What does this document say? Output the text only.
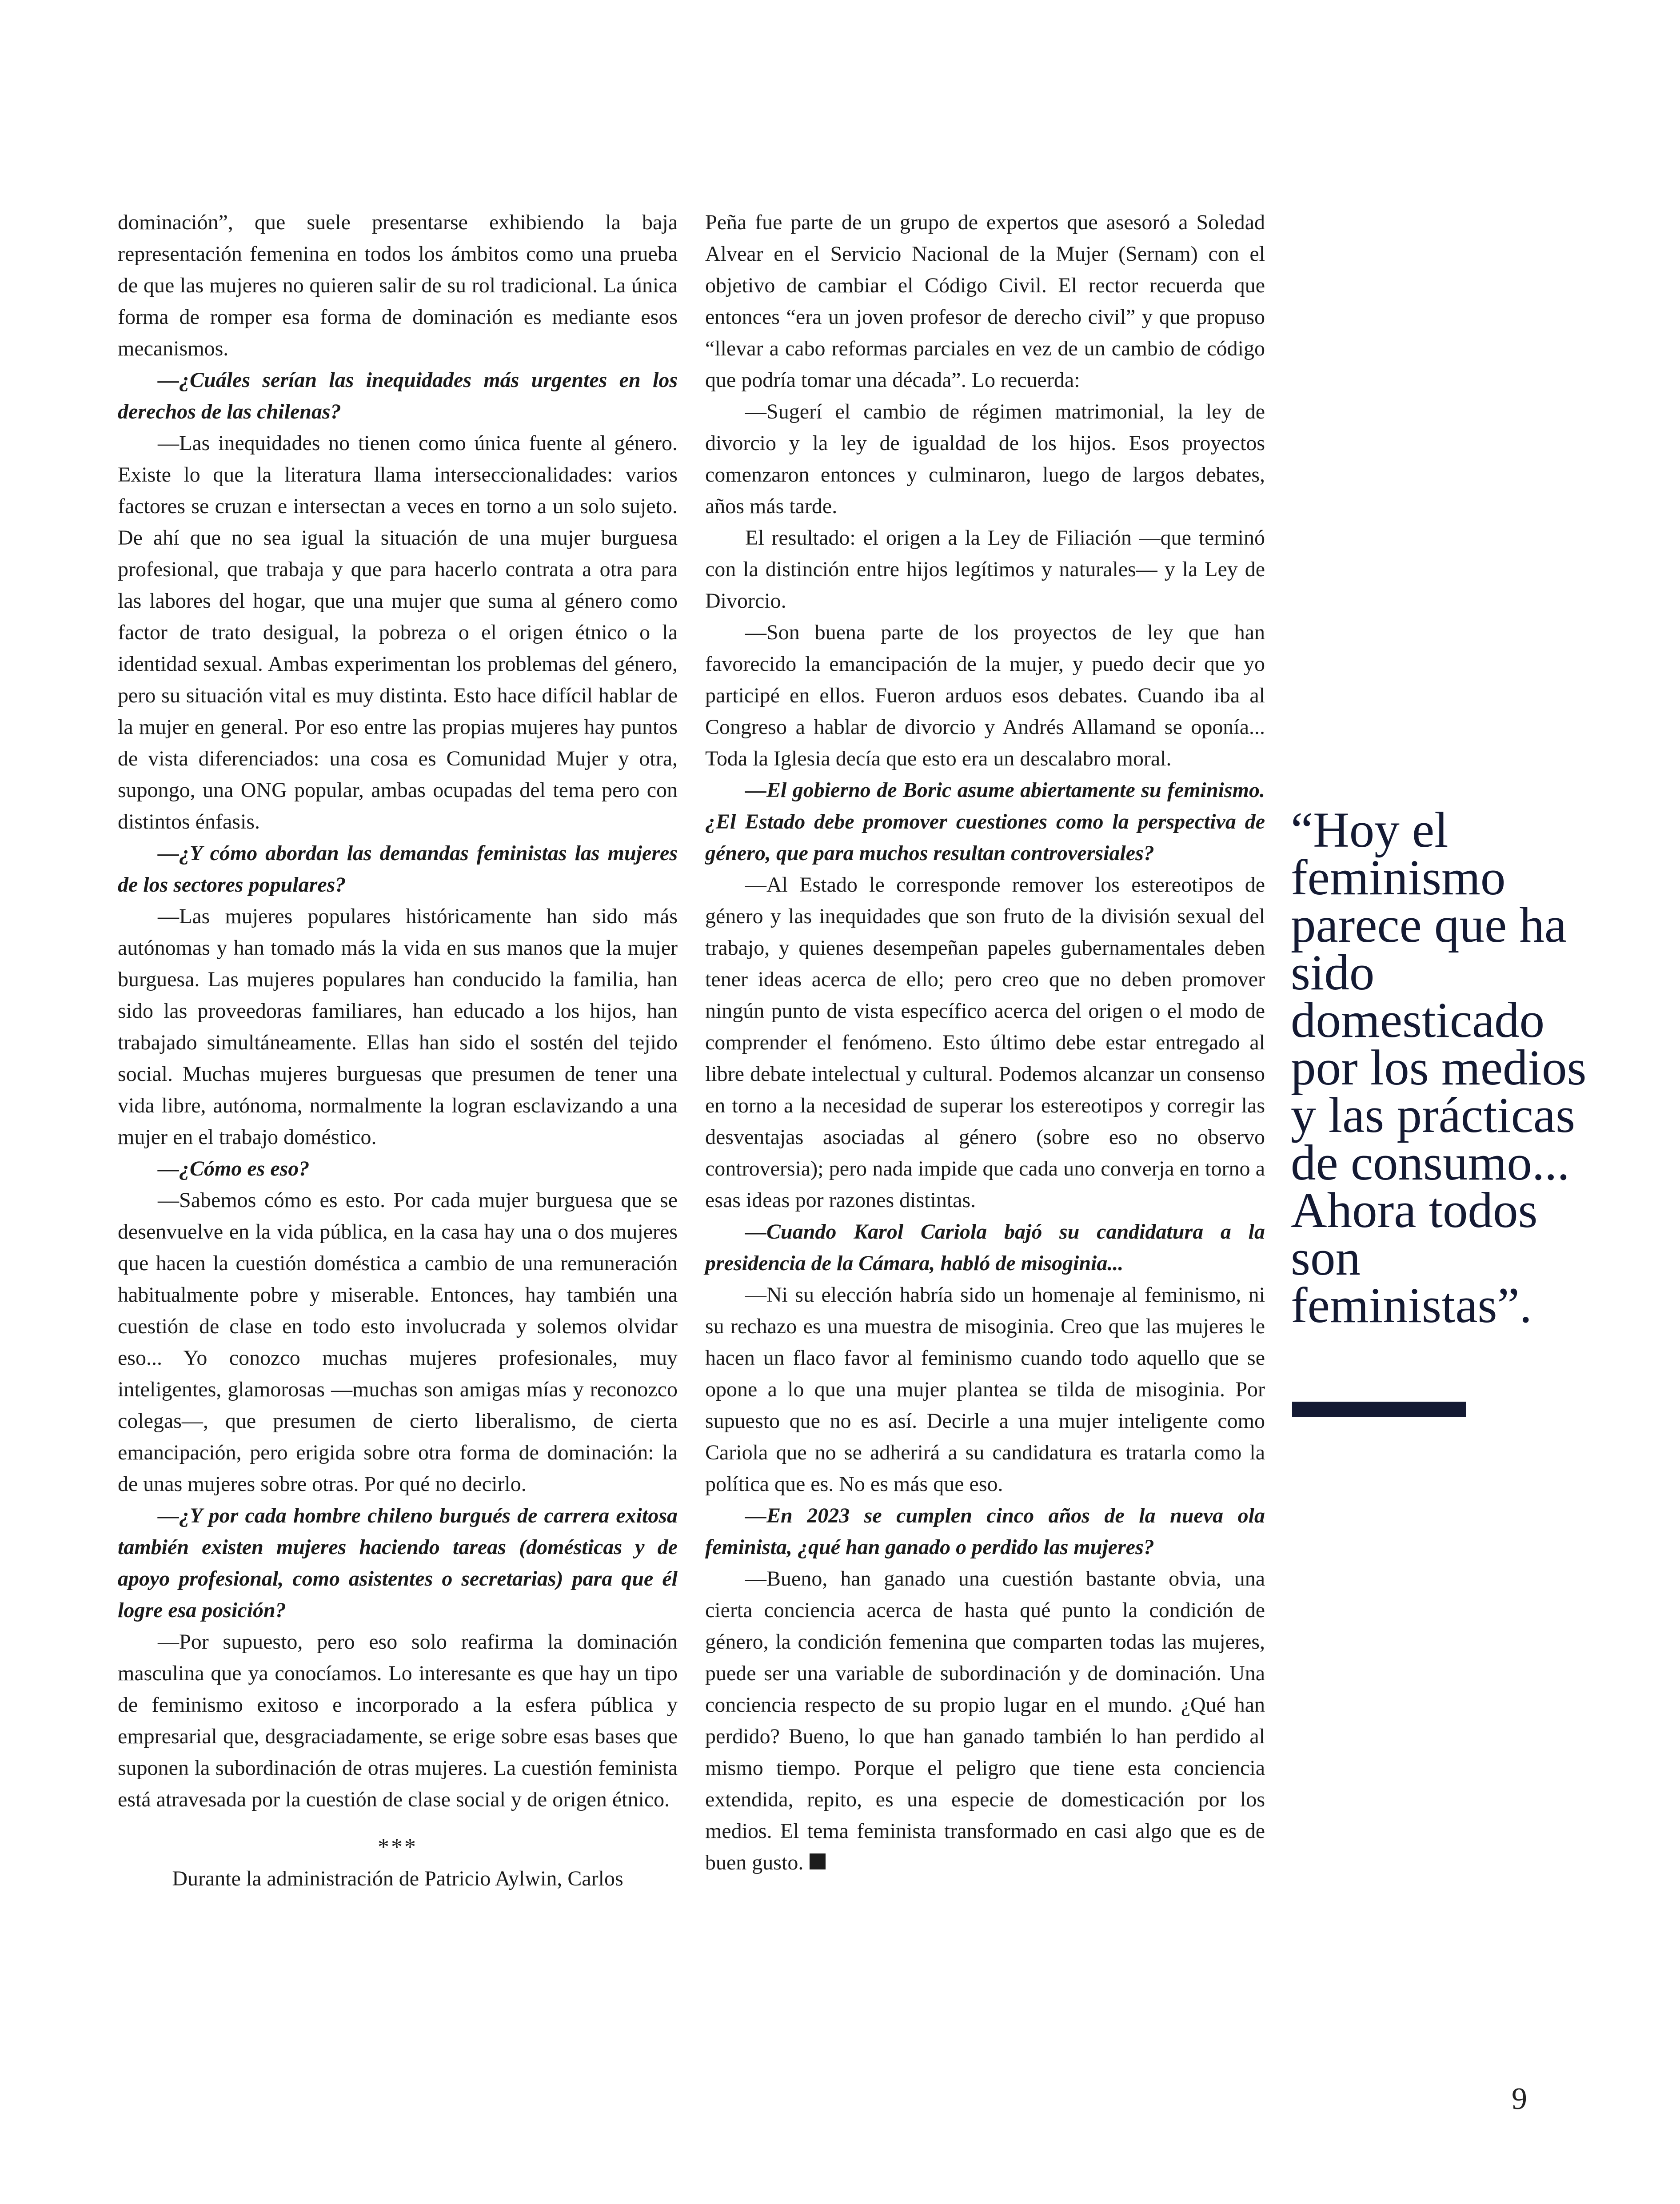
dominación”, que suele presentarse exhibiendo la baja representación femenina en todos los ámbitos como una prueba de que las mujeres no quieren salir de su rol tradicional. La única forma de romper esa forma de dominación es mediante esos mecanismos.

—¿Cuáles serían las inequidades más urgentes en los derechos de las chilenas?

—Las inequidades no tienen como única fuente al género. Existe lo que la literatura llama interseccionalidades: varios factores se cruzan e intersectan a veces en torno a un solo sujeto. De ahí que no sea igual la situación de una mujer burguesa profesional, que trabaja y que para hacerlo contrata a otra para las labores del hogar, que una mujer que suma al género como factor de trato desigual, la pobreza o el origen étnico o la identidad sexual. Ambas experimentan los problemas del género, pero su situación vital es muy distinta. Esto hace difícil hablar de la mujer en general. Por eso entre las propias mujeres hay puntos de vista diferenciados: una cosa es Comunidad Mujer y otra, supongo, una ONG popular, ambas ocupadas del tema pero con distintos énfasis.

—¿Y cómo abordan las demandas feministas las mujeres de los sectores populares?

—Las mujeres populares históricamente han sido más autónomas y han tomado más la vida en sus manos que la mujer burguesa. Las mujeres populares han conducido la familia, han sido las proveedoras familiares, han educado a los hijos, han trabajado simultáneamente. Ellas han sido el sostén del tejido social. Muchas mujeres burguesas que presumen de tener una vida libre, autónoma, normalmente la logran esclavizando a una mujer en el trabajo doméstico.

—¿Cómo es eso?

—Sabemos cómo es esto. Por cada mujer burguesa que se desenvuelve en la vida pública, en la casa hay una o dos mujeres que hacen la cuestión doméstica a cambio de una remuneración habitualmente pobre y miserable. Entonces, hay también una cuestión de clase en todo esto involucrada y solemos olvidar eso... Yo conozco muchas mujeres profesionales, muy inteligentes, glamorosas —muchas son amigas mías y reconozco colegas—, que presumen de cierto liberalismo, de cierta emancipación, pero erigida sobre otra forma de dominación: la de unas mujeres sobre otras. Por qué no decirlo.

—¿Y por cada hombre chileno burgués de carrera exitosa también existen mujeres haciendo tareas (domésticas y de apoyo profesional, como asistentes o secretarias) para que él logre esa posición?

—Por supuesto, pero eso solo reafirma la dominación masculina que ya conocíamos. Lo interesante es que hay un tipo de feminismo exitoso e incorporado a la esfera pública y empresarial que, desgraciadamente, se erige sobre esas bases que suponen la subordinación de otras mujeres. La cuestión feminista está atravesada por la cuestión de clase social y de origen étnico.

***

Durante la administración de Patricio Aylwin, Carlos

Peña fue parte de un grupo de expertos que asesoró a Soledad Alvear en el Servicio Nacional de la Mujer (Sernam) con el objetivo de cambiar el Código Civil. El rector recuerda que entonces “era un joven profesor de derecho civil” y que propuso “llevar a cabo reformas parciales en vez de un cambio de código que podría tomar una década”. Lo recuerda:

—Sugerí el cambio de régimen matrimonial, la ley de divorcio y la ley de igualdad de los hijos. Esos proyectos comenzaron entonces y culminaron, luego de largos debates, años más tarde.

El resultado: el origen a la Ley de Filiación —que terminó con la distinción entre hijos legítimos y naturales— y la Ley de Divorcio.

—Son buena parte de los proyectos de ley que han favorecido la emancipación de la mujer, y puedo decir que yo participé en ellos. Fueron arduos esos debates. Cuando iba al Congreso a hablar de divorcio y Andrés Allamand se oponía... Toda la Iglesia decía que esto era un descalabro moral.

—El gobierno de Boric asume abiertamente su feminismo. ¿El Estado debe promover cuestiones como la perspectiva de género, que para muchos resultan controversiales?

—Al Estado le corresponde remover los estereotipos de género y las inequidades que son fruto de la división sexual del trabajo, y quienes desempeñan papeles gubernamentales deben tener ideas acerca de ello; pero creo que no deben promover ningún punto de vista específico acerca del origen o el modo de comprender el fenómeno. Esto último debe estar entregado al libre debate intelectual y cultural. Podemos alcanzar un consenso en torno a la necesidad de superar los estereotipos y corregir las desventajas asociadas al género (sobre eso no observo controversia); pero nada impide que cada uno converja en torno a esas ideas por razones distintas.

—Cuando Karol Cariola bajó su candidatura a la presidencia de la Cámara, habló de misoginia...

—Ni su elección habría sido un homenaje al feminismo, ni su rechazo es una muestra de misoginia. Creo que las mujeres le hacen un flaco favor al feminismo cuando todo aquello que se opone a lo que una mujer plantea se tilda de misoginia. Por supuesto que no es así. Decirle a una mujer inteligente como Cariola que no se adherirá a su candidatura es tratarla como la política que es. No es más que eso.

—En 2023 se cumplen cinco años de la nueva ola feminista, ¿qué han ganado o perdido las mujeres?

—Bueno, han ganado una cuestión bastante obvia, una cierta conciencia acerca de hasta qué punto la condición de género, la condición femenina que comparten todas las mujeres, puede ser una variable de subordinación y de dominación. Una conciencia respecto de su propio lugar en el mundo. ¿Qué han perdido? Bueno, lo que han ganado también lo han perdido al mismo tiempo. Porque el peligro que tiene esta conciencia extendida, repito, es una especie de domesticación por los medios. El tema feminista transformado en casi algo que es de buen gusto.

“Hoy el feminismo parece que ha sido domesticado por los medios y las prácticas de consumo... Ahora todos son feministas”.
9
